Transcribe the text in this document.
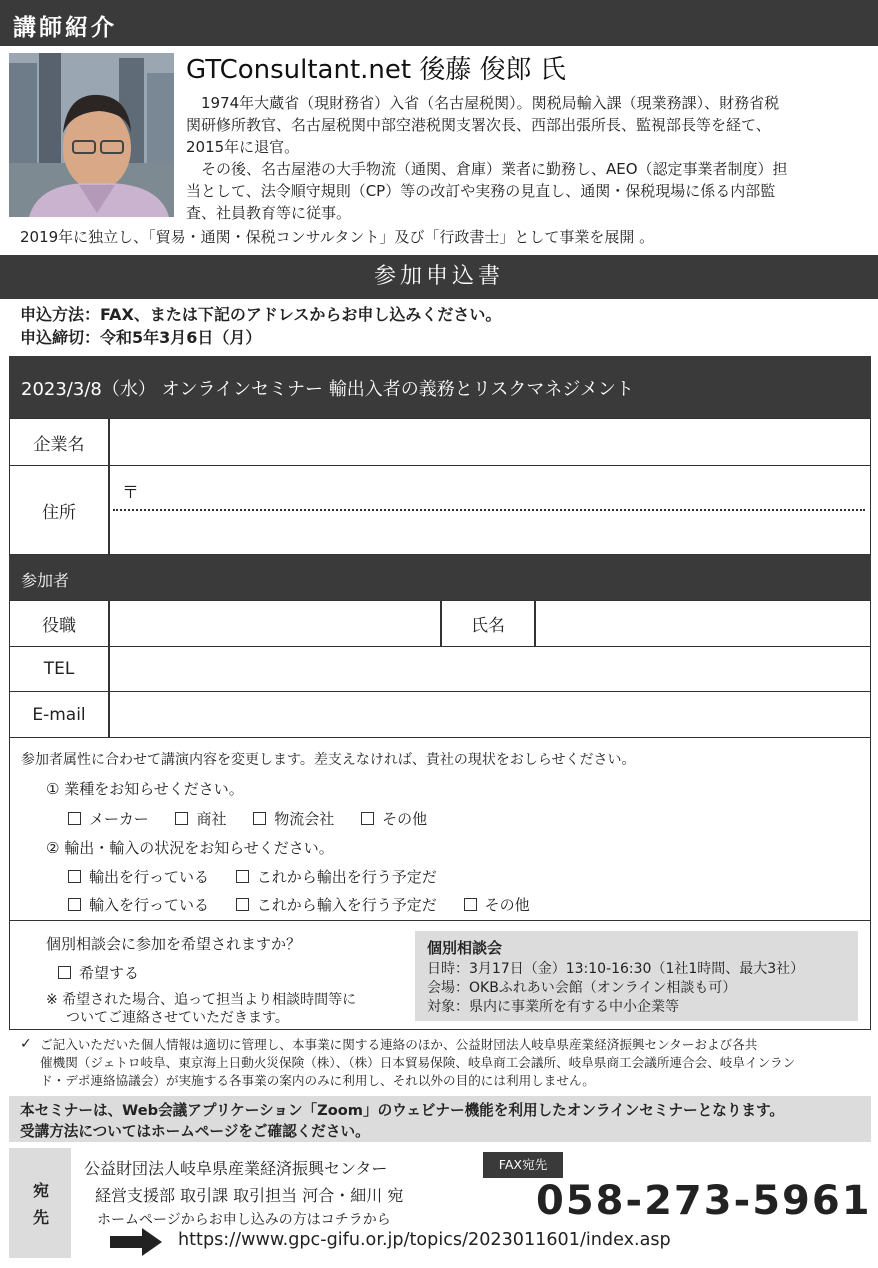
講師紹介
GTConsultant.net 後藤 俊郎 氏
　1974年大蔵省（現財務省）入省（名古屋税関）。関税局輸入課（現業務課）、財務省税
関研修所教官、名古屋税関中部空港税関支署次長、西部出張所長、監視部長等を経て、
2015年に退官。
　その後、名古屋港の大手物流（通関、倉庫）業者に勤務し、AEO（認定事業者制度）担
当として、法令順守規則（CP）等の改訂や実務の見直し、通関・保税現場に係る内部監
査、社員教育等に従事。
2019年に独立し、「貿易・通関・保税コンサルタント」及び「行政書士」として事業を展開 。
参加申込書
申込方法：FAX、または下記のアドレスからお申し込みください。
申込締切：令和5年3月6日（月）
2023/3/8（水） オンラインセミナー 輸出入者の義務とリスクマネジメント
企業名
住所
〒
参加者
役職	氏名
TEL
E-mail
参加者属性に合わせて講演内容を変更します。差支えなければ、貴社の現状をおしらせください。
① 業種をお知らせください。
メーカー	商社	物流会社	その他
② 輸出・輸入の状況をお知らせください。
輸出を行っている	これから輸出を行う予定だ
輸入を行っている	これから輸入を行う予定だ	その他
個別相談会に参加を希望されますか？
希望する
※ 希望された場合、追って担当より相談時間等に
ついてご連絡させていただきます。
個別相談会
日時：3月17日（金）13:10-16:30（1社1時間、最大3社）
会場：OKBふれあい会館（オンライン相談も可）
対象：県内に事業所を有する中小企業等
✓ ご記入いただいた個人情報は適切に管理し、本事業に関する連絡のほか、公益財団法人岐阜県産業経済振興センターおよび各共
催機関（ジェトロ岐阜、東京海上日動火災保険（株）、（株）日本貿易保険、岐阜商工会議所、岐阜県商工会議所連合会、岐阜インラン
ド・デポ連絡協議会）が実施する各事業の案内のみに利用し、それ以外の目的には利用しません。
本セミナーは、Web会議アプリケーション「Zoom」のウェビナー機能を利用したオンラインセミナーとなります。
受講方法についてはホームページをご確認ください。
宛
先
公益財団法人岐阜県産業経済振興センター
経営支援部 取引課 取引担当 河合・細川 宛
ホームページからお申し込みの方はコチラから
FAX宛先
058-273-5961
https://www.gpc-gifu.or.jp/topics/2023011601/index.asp
